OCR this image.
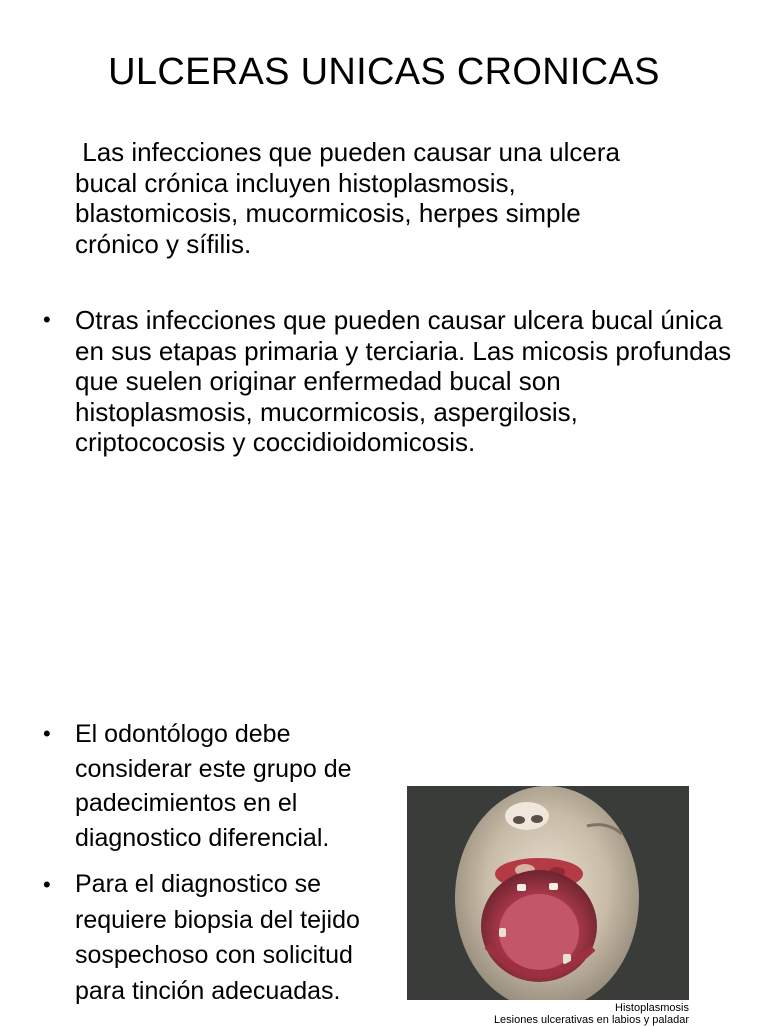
ULCERAS UNICAS CRONICAS

Las infecciones que pueden causar una ulcera
bucal crónica incluyen histoplasmosis,
blastomicosis, mucormicosis, herpes simple
crónico y sífilis.

• Otras infecciones que pueden causar ulcera bucal única en sus etapas primaria y terciaria. Las micosis profundas que suelen originar enfermedad bucal son histoplasmosis, mucormicosis, aspergilosis, criptococosis y coccidioidomicosis.
• El odontólogo debe considerar este grupo de padecimientos en el diagnostico diferencial.
• Para el diagnostico se requiere biopsia del tejido sospechoso con solicitud para tinción adecuadas.
Histoplasmosis
Lesiones ulcerativas en labios y paladar
